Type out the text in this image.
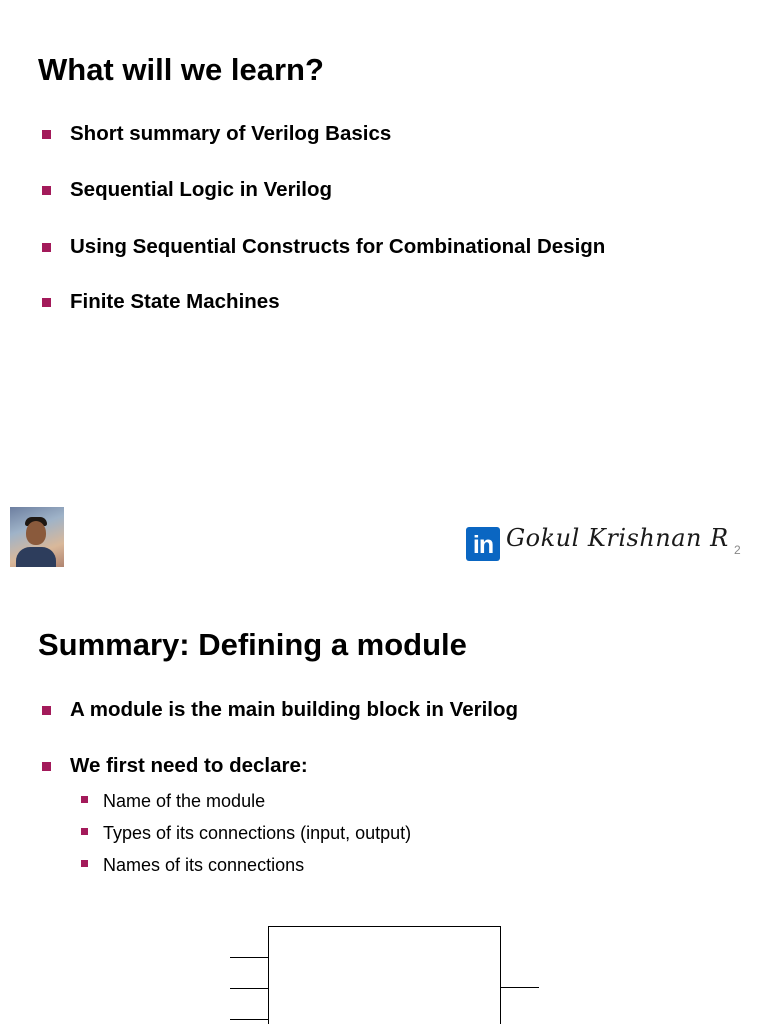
What will we learn?
Short summary of Verilog Basics
Sequential Logic in Verilog
Using Sequential Constructs for Combinational Design
Finite State Machines
in Gokul Krishnan R 2
Summary: Defining a module
A module is the main building block in Verilog
We first need to declare:
Name of the module
Types of its connections (input, output)
Names of its connections
